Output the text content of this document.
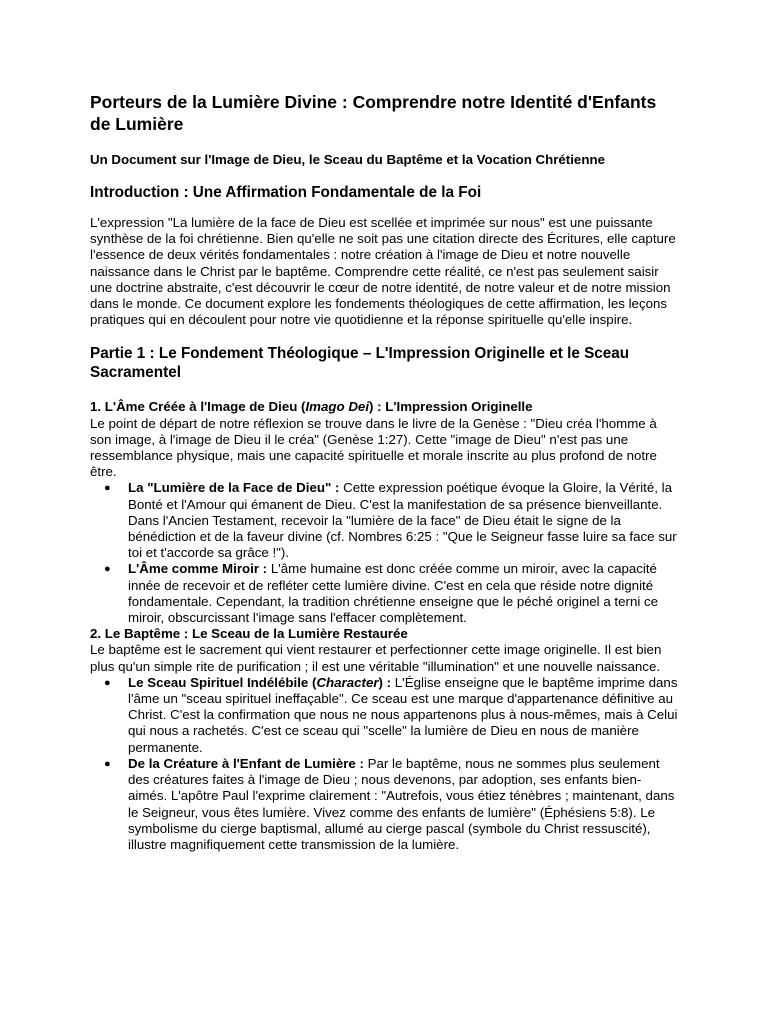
Porteurs de la Lumière Divine : Comprendre notre Identité d'Enfants de Lumière
Un Document sur l'Image de Dieu, le Sceau du Baptême et la Vocation Chrétienne
Introduction : Une Affirmation Fondamentale de la Foi

L'expression "La lumière de la face de Dieu est scellée et imprimée sur nous" est une puissante synthèse de la foi chrétienne. Bien qu'elle ne soit pas une citation directe des Écritures, elle capture l'essence de deux vérités fondamentales : notre création à l'image de Dieu et notre nouvelle naissance dans le Christ par le baptême. Comprendre cette réalité, ce n'est pas seulement saisir une doctrine abstraite, c'est découvrir le cœur de notre identité, de notre valeur et de notre mission dans le monde. Ce document explore les fondements théologiques de cette affirmation, les leçons pratiques qui en découlent pour notre vie quotidienne et la réponse spirituelle qu'elle inspire.

Partie 1 : Le Fondement Théologique – L'Impression Originelle et le Sceau Sacramentel
1. L'Âme Créée à l'Image de Dieu (Imago Dei) : L'Impression Originelle

Le point de départ de notre réflexion se trouve dans le livre de la Genèse : "Dieu créa l'homme à son image, à l'image de Dieu il le créa" (Genèse 1:27). Cette "image de Dieu" n'est pas une ressemblance physique, mais une capacité spirituelle et morale inscrite au plus profond de notre être.

● La "Lumière de la Face de Dieu" : Cette expression poétique évoque la Gloire, la Vérité, la Bonté et l'Amour qui émanent de Dieu. C'est la manifestation de sa présence bienveillante. Dans l'Ancien Testament, recevoir la "lumière de la face" de Dieu était le signe de la bénédiction et de la faveur divine (cf. Nombres 6:25 : "Que le Seigneur fasse luire sa face sur toi et t'accorde sa grâce !").
● L'Âme comme Miroir : L'âme humaine est donc créée comme un miroir, avec la capacité innée de recevoir et de refléter cette lumière divine. C'est en cela que réside notre dignité fondamentale. Cependant, la tradition chrétienne enseigne que le péché originel a terni ce miroir, obscurcissant l'image sans l'effacer complètement.
2. Le Baptême : Le Sceau de la Lumière Restaurée

Le baptême est le sacrement qui vient restaurer et perfectionner cette image originelle. Il est bien plus qu'un simple rite de purification ; il est une véritable "illumination" et une nouvelle naissance.

● Le Sceau Spirituel Indélébile (Character) : L'Église enseigne que le baptême imprime dans l'âme un "sceau spirituel ineffaçable". Ce sceau est une marque d'appartenance définitive au Christ. C'est la confirmation que nous ne nous appartenons plus à nous-mêmes, mais à Celui qui nous a rachetés. C'est ce sceau qui "scelle" la lumière de Dieu en nous de manière permanente.
● De la Créature à l'Enfant de Lumière : Par le baptême, nous ne sommes plus seulement des créatures faites à l'image de Dieu ; nous devenons, par adoption, ses enfants bien-aimés. L'apôtre Paul l'exprime clairement : "Autrefois, vous étiez ténèbres ; maintenant, dans le Seigneur, vous êtes lumière. Vivez comme des enfants de lumière" (Éphésiens 5:8). Le symbolisme du cierge baptismal, allumé au cierge pascal (symbole du Christ ressuscité), illustre magnifiquement cette transmission de la lumière.
